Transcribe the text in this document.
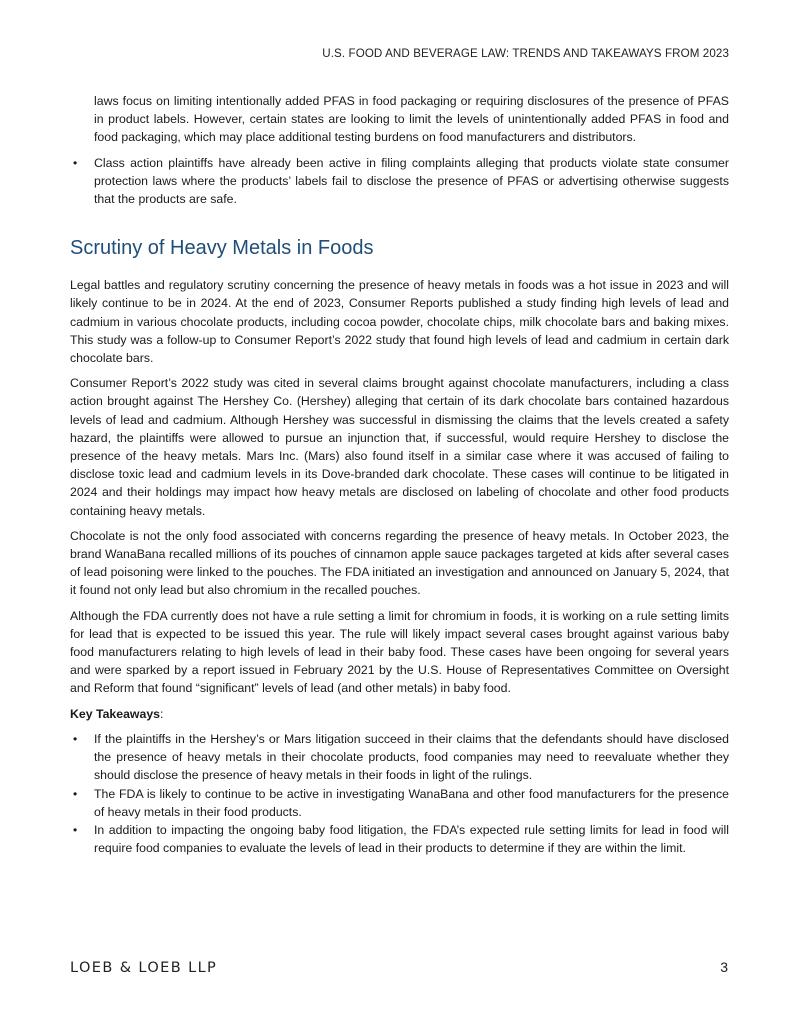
U.S. FOOD AND BEVERAGE LAW: TRENDS AND TAKEAWAYS FROM 2023

laws focus on limiting intentionally added PFAS in food packaging or requiring disclosures of the presence of PFAS in product labels. However, certain states are looking to limit the levels of unintentionally added PFAS in food and food packaging, which may place additional testing burdens on food manufacturers and distributors.

• Class action plaintiffs have already been active in filing complaints alleging that products violate state consumer protection laws where the products’ labels fail to disclose the presence of PFAS or advertising otherwise suggests that the products are safe.
Scrutiny of Heavy Metals in Foods

Legal battles and regulatory scrutiny concerning the presence of heavy metals in foods was a hot issue in 2023 and will likely continue to be in 2024. At the end of 2023, Consumer Reports published a study finding high levels of lead and cadmium in various chocolate products, including cocoa powder, chocolate chips, milk chocolate bars and baking mixes. This study was a follow-up to Consumer Report’s 2022 study that found high levels of lead and cadmium in certain dark chocolate bars.

Consumer Report’s 2022 study was cited in several claims brought against chocolate manufacturers, including a class action brought against The Hershey Co. (Hershey) alleging that certain of its dark chocolate bars contained hazardous levels of lead and cadmium. Although Hershey was successful in dismissing the claims that the levels created a safety hazard, the plaintiffs were allowed to pursue an injunction that, if successful, would require Hershey to disclose the presence of the heavy metals. Mars Inc. (Mars) also found itself in a similar case where it was accused of failing to disclose toxic lead and cadmium levels in its Dove-branded dark chocolate. These cases will continue to be litigated in 2024 and their holdings may impact how heavy metals are disclosed on labeling of chocolate and other food products containing heavy metals.

Chocolate is not the only food associated with concerns regarding the presence of heavy metals. In October 2023, the brand WanaBana recalled millions of its pouches of cinnamon apple sauce packages targeted at kids after several cases of lead poisoning were linked to the pouches. The FDA initiated an investigation and announced on January 5, 2024, that it found not only lead but also chromium in the recalled pouches.

Although the FDA currently does not have a rule setting a limit for chromium in foods, it is working on a rule setting limits for lead that is expected to be issued this year. The rule will likely impact several cases brought against various baby food manufacturers relating to high levels of lead in their baby food. These cases have been ongoing for several years and were sparked by a report issued in February 2021 by the U.S. House of Representatives Committee on Oversight and Reform that found “significant” levels of lead (and other metals) in baby food.

Key Takeaways:

• If the plaintiffs in the Hershey’s or Mars litigation succeed in their claims that the defendants should have disclosed the presence of heavy metals in their chocolate products, food companies may need to reevaluate whether they should disclose the presence of heavy metals in their foods in light of the rulings.
• The FDA is likely to continue to be active in investigating WanaBana and other food manufacturers for the presence of heavy metals in their food products.
• In addition to impacting the ongoing baby food litigation, the FDA’s expected rule setting limits for lead in food will require food companies to evaluate the levels of lead in their products to determine if they are within the limit.
LOEB & LOEB LLP	3
